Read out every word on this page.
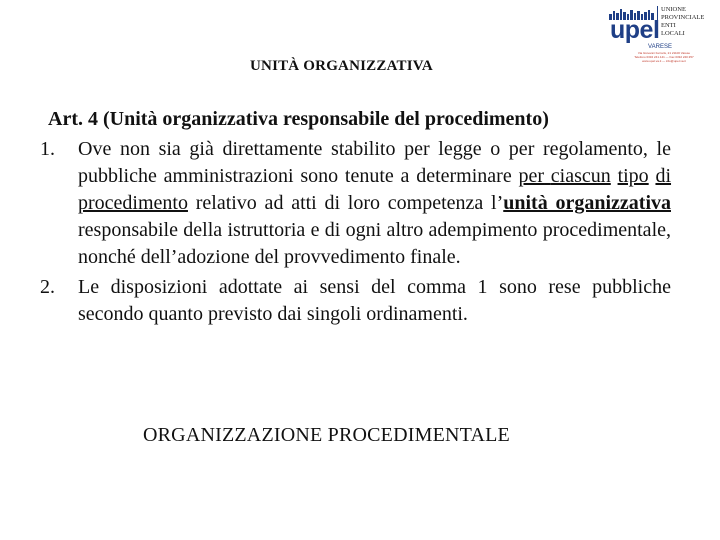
upel
UNIONE
PROVINCIALE
ENTI
LOCALI
VARESE
Via Giovanni Ferraris, 21 21100 Varese
Telefono 0332 241.141 — Fax 0332 240.357
www.upel.va.it — info@upel.va.it
UNITÀ ORGANIZZATIVA
Art. 4 (Unità organizzativa responsabile del procedimento)
1. Ove non sia già direttamente stabilito per legge o per regolamento, le pubbliche amministrazioni sono tenute a determinare per ciascun tipo di procedimento relativo ad atti di loro competenza l’unità organizzativa responsabile della istruttoria e di ogni altro adempimento procedimentale, nonché dell’adozione del provvedimento finale.
2. Le disposizioni adottate ai sensi del comma 1 sono rese pubbliche secondo quanto previsto dai singoli ordinamenti.
ORGANIZZAZIONE PROCEDIMENTALE
